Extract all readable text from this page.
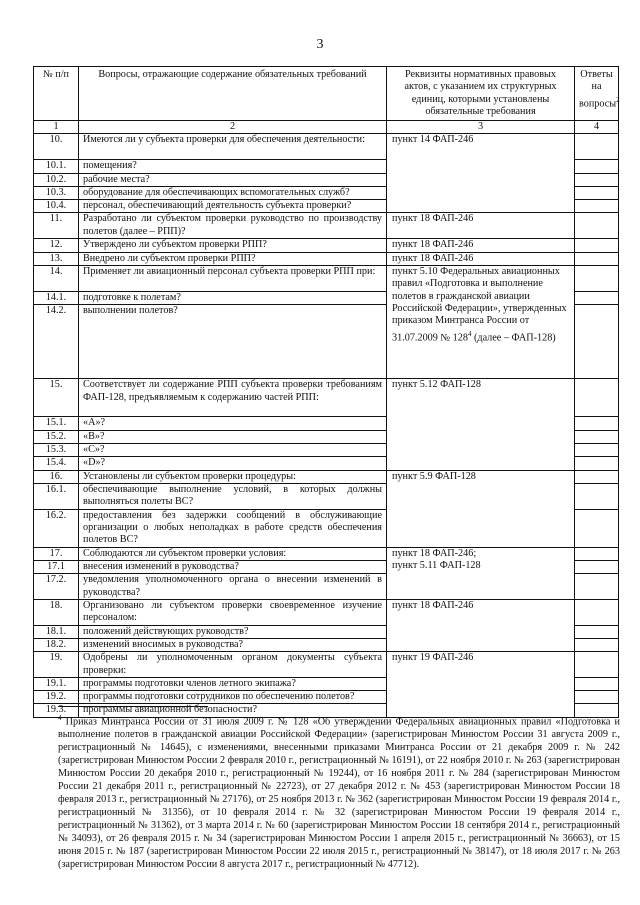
3
№ п/п	Вопросы, отражающие содержание обязательных требований	Реквизиты нормативных правовых актов, с указанием их структурных единиц, которыми установлены обязательные требования	Ответы на вопросы$^2$
1	2	3	4
10.	Имеются ли у субъекта проверки для обеспечения деятельности:	пункт 14 ФАП-246	
10.1.	помещения?		
10.2.	рабочие места?		
10.3.	оборудование для обеспечивающих вспомогательных служб?		
10.4.	персонал, обеспечивающий деятельность субъекта проверки?		
11.	Разработано ли субъектом проверки руководство по производству полетов (далее – РПП)?	пункт 18 ФАП-246	
12.	Утверждено ли субъектом проверки РПП?	пункт 18 ФАП-246	
13.	Внедрено ли субъектом проверки РПП?	пункт 18 ФАП-246	
14.	Применяет ли авиационный персонал субъекта проверки РПП при:	пункт 5.10 Федеральных авиационных правил «Подготовка и выполнение полетов в гражданской авиации Российской Федерации», утвержденных приказом Минтранса России от 31.07.2009 № $128^4$ (далее – ФАП-128)	
14.1.	подготовке к полетам?		
14.2.	выполнении полетов?		
15.	Соответствует ли содержание РПП субъекта проверки требованиям ФАП-128, предъявляемым к содержанию частей РПП:	пункт 5.12 ФАП-128	
15.1.	«A»?		
15.2.	«B»?		
15.3.	«C»?		
15.4.	«D»?		
16.	Установлены ли субъектом проверки процедуры:	пункт 5.9 ФАП-128	
16.1.	обеспечивающие выполнение условий, в которых должны выполняться полеты ВС?		
16.2.	предоставления без задержки сообщений в обслуживающие организации о любых неполадках в работе средств обеспечения полетов ВС?		
17.	Соблюдаются ли субъектом проверки условия:	пункт 18 ФАП-246;
пункт 5.11 ФАП-128	

17.1	внесения изменений в руководства?		
17.2.	уведомления уполномоченного органа о внесении изменений в руководства?		
18.	Организовано ли субъектом проверки своевременное изучение персоналом:	пункт 18 ФАП-246	
18.1.	положений действующих руководств?		
18.2.	изменений вносимых в руководства?		
19.	Одобрены ли уполномоченным органом документы субъекта проверки:	пункт 19 ФАП-246	
19.1.	программы подготовки членов летного экипажа?		
19.2.	программы подготовки сотрудников по обеспечению полетов?		
19.3.	программы авиационной безопасности?		
$^4$ Приказ Минтранса России от 31 июля 2009 г. № 128 «Об утверждении Федеральных авиационных правил «Подготовка и выполнение полетов в гражданской авиации Российской Федерации» (зарегистрирован Минюстом России 31 августа 2009 г., регистрационный № 14645), с изменениями, внесенными приказами Минтранса России от 21 декабря 2009 г. № 242 (зарегистрирован Минюстом России 2 февраля 2010 г., регистрационный № 16191), от 22 ноября 2010 г. № 263 (зарегистрирован Минюстом России 20 декабря 2010 г., регистрационный № 19244), от 16 ноября 2011 г. № 284 (зарегистрирован Минюстом России 21 декабря 2011 г., регистрационный № 22723), от 27 декабря 2012 г. № 453 (зарегистрирован Минюстом России 18 февраля 2013 г., регистрационный № 27176), от 25 ноября 2013 г. № 362 (зарегистрирован Минюстом России 19 февраля 2014 г., регистрационный № 31356), от 10 февраля 2014 г. № 32 (зарегистрирован Минюстом России 19 февраля 2014 г., регистрационный № 31362), от 3 марта 2014 г. № 60 (зарегистрирован Минюстом России 18 сентября 2014 г., регистрационный № 34093), от 26 февраля 2015 г. № 34 (зарегистрирован Минюстом России 1 апреля 2015 г., регистрационный № 36663), от 15 июня 2015 г. № 187 (зарегистрирован Минюстом России 22 июля 2015 г., регистрационный № 38147), от 18 июля 2017 г. № 263 (зарегистрирован Минюстом России 8 августа 2017 г., регистрационный № 47712).
